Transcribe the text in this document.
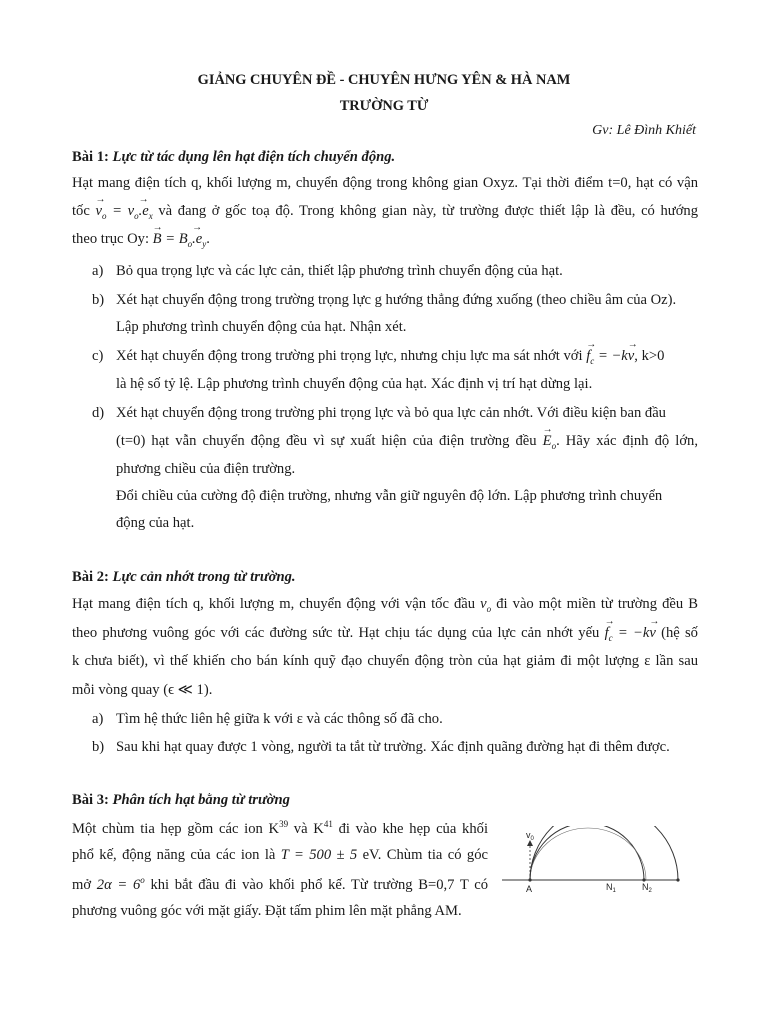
GIẢNG CHUYÊN ĐỀ - CHUYÊN HƯNG YÊN & HÀ NAM
TRƯỜNG TỪ
Gv: Lê Đình Khiết
Bài 1: Lực từ tác dụng lên hạt điện tích chuyển động.
Hạt mang điện tích q, khối lượng m, chuyển động trong không gian Oxyz. Tại thời điểm t=0, hạt có vận
tốc → $v_o = v_o\to .e_x$ và đang ở gốc toạ độ. Trong không gian này, từ trường được thiết lập là đều, có hướng
theo trục Oy: → $B = B_o\to .e_y$.
a) Bỏ qua trọng lực và các lực cản, thiết lập phương trình chuyển động của hạt.
b) Xét hạt chuyển động trong trường trọng lực g hướng thẳng đứng xuống (theo chiều âm của Oz).
Lập phương trình chuyển động của hạt. Nhận xét.
c) Xét hạt chuyển động trong trường phi trọng lực, nhưng chịu lực ma sát nhớt với → $f_c = -k\to v$, k>0
là hệ số tỷ lệ. Lập phương trình chuyển động của hạt. Xác định vị trí hạt dừng lại.
d) Xét hạt chuyển động trong trường phi trọng lực và bỏ qua lực cản nhớt. Với điều kiện ban đầu
(t=0) hạt vẫn chuyển động đều vì sự xuất hiện của điện trường đều → $E_o$. Hãy xác định độ lớn,
phương chiều của điện trường.
Đổi chiều của cường độ điện trường, nhưng vẫn giữ nguyên độ lớn. Lập phương trình chuyển
động của hạt.
Bài 2: Lực cản nhớt trong từ trường.
Hạt mang điện tích q, khối lượng m, chuyển động với vận tốc đầu $v_o$ đi vào một miền từ trường đều B
theo phương vuông góc với các đường sức từ. Hạt chịu tác dụng của lực cản nhớt yếu → $f_c = -k\to v$ (hệ số
k chưa biết), vì thế khiến cho bán kính quỹ đạo chuyển động tròn của hạt giảm đi một lượng ε lần sau
mỗi vòng quay (ϵ ≪ 1).
a) Tìm hệ thức liên hệ giữa k với ε và các thông số đã cho.
b) Sau khi hạt quay được 1 vòng, người ta tắt từ trường. Xác định quãng đường hạt đi thêm được.
Bài 3: Phân tích hạt bằng từ trường
Một chùm tia hẹp gồm các ion $K^{39}$ và $K^{41}$ đi vào khe hẹp của khối
phổ kế, động năng của các ion là T = 500 ± 5 eV. Chùm tia có góc
mở $2\alpha = 6^o$ khi bắt đầu đi vào khối phổ kế. Từ trường B=0,7 T có
phương vuông góc với mặt giấy. Đặt tấm phim lên mặt phẳng AM.
$v_0$
A	$N_1$	$N_2$
